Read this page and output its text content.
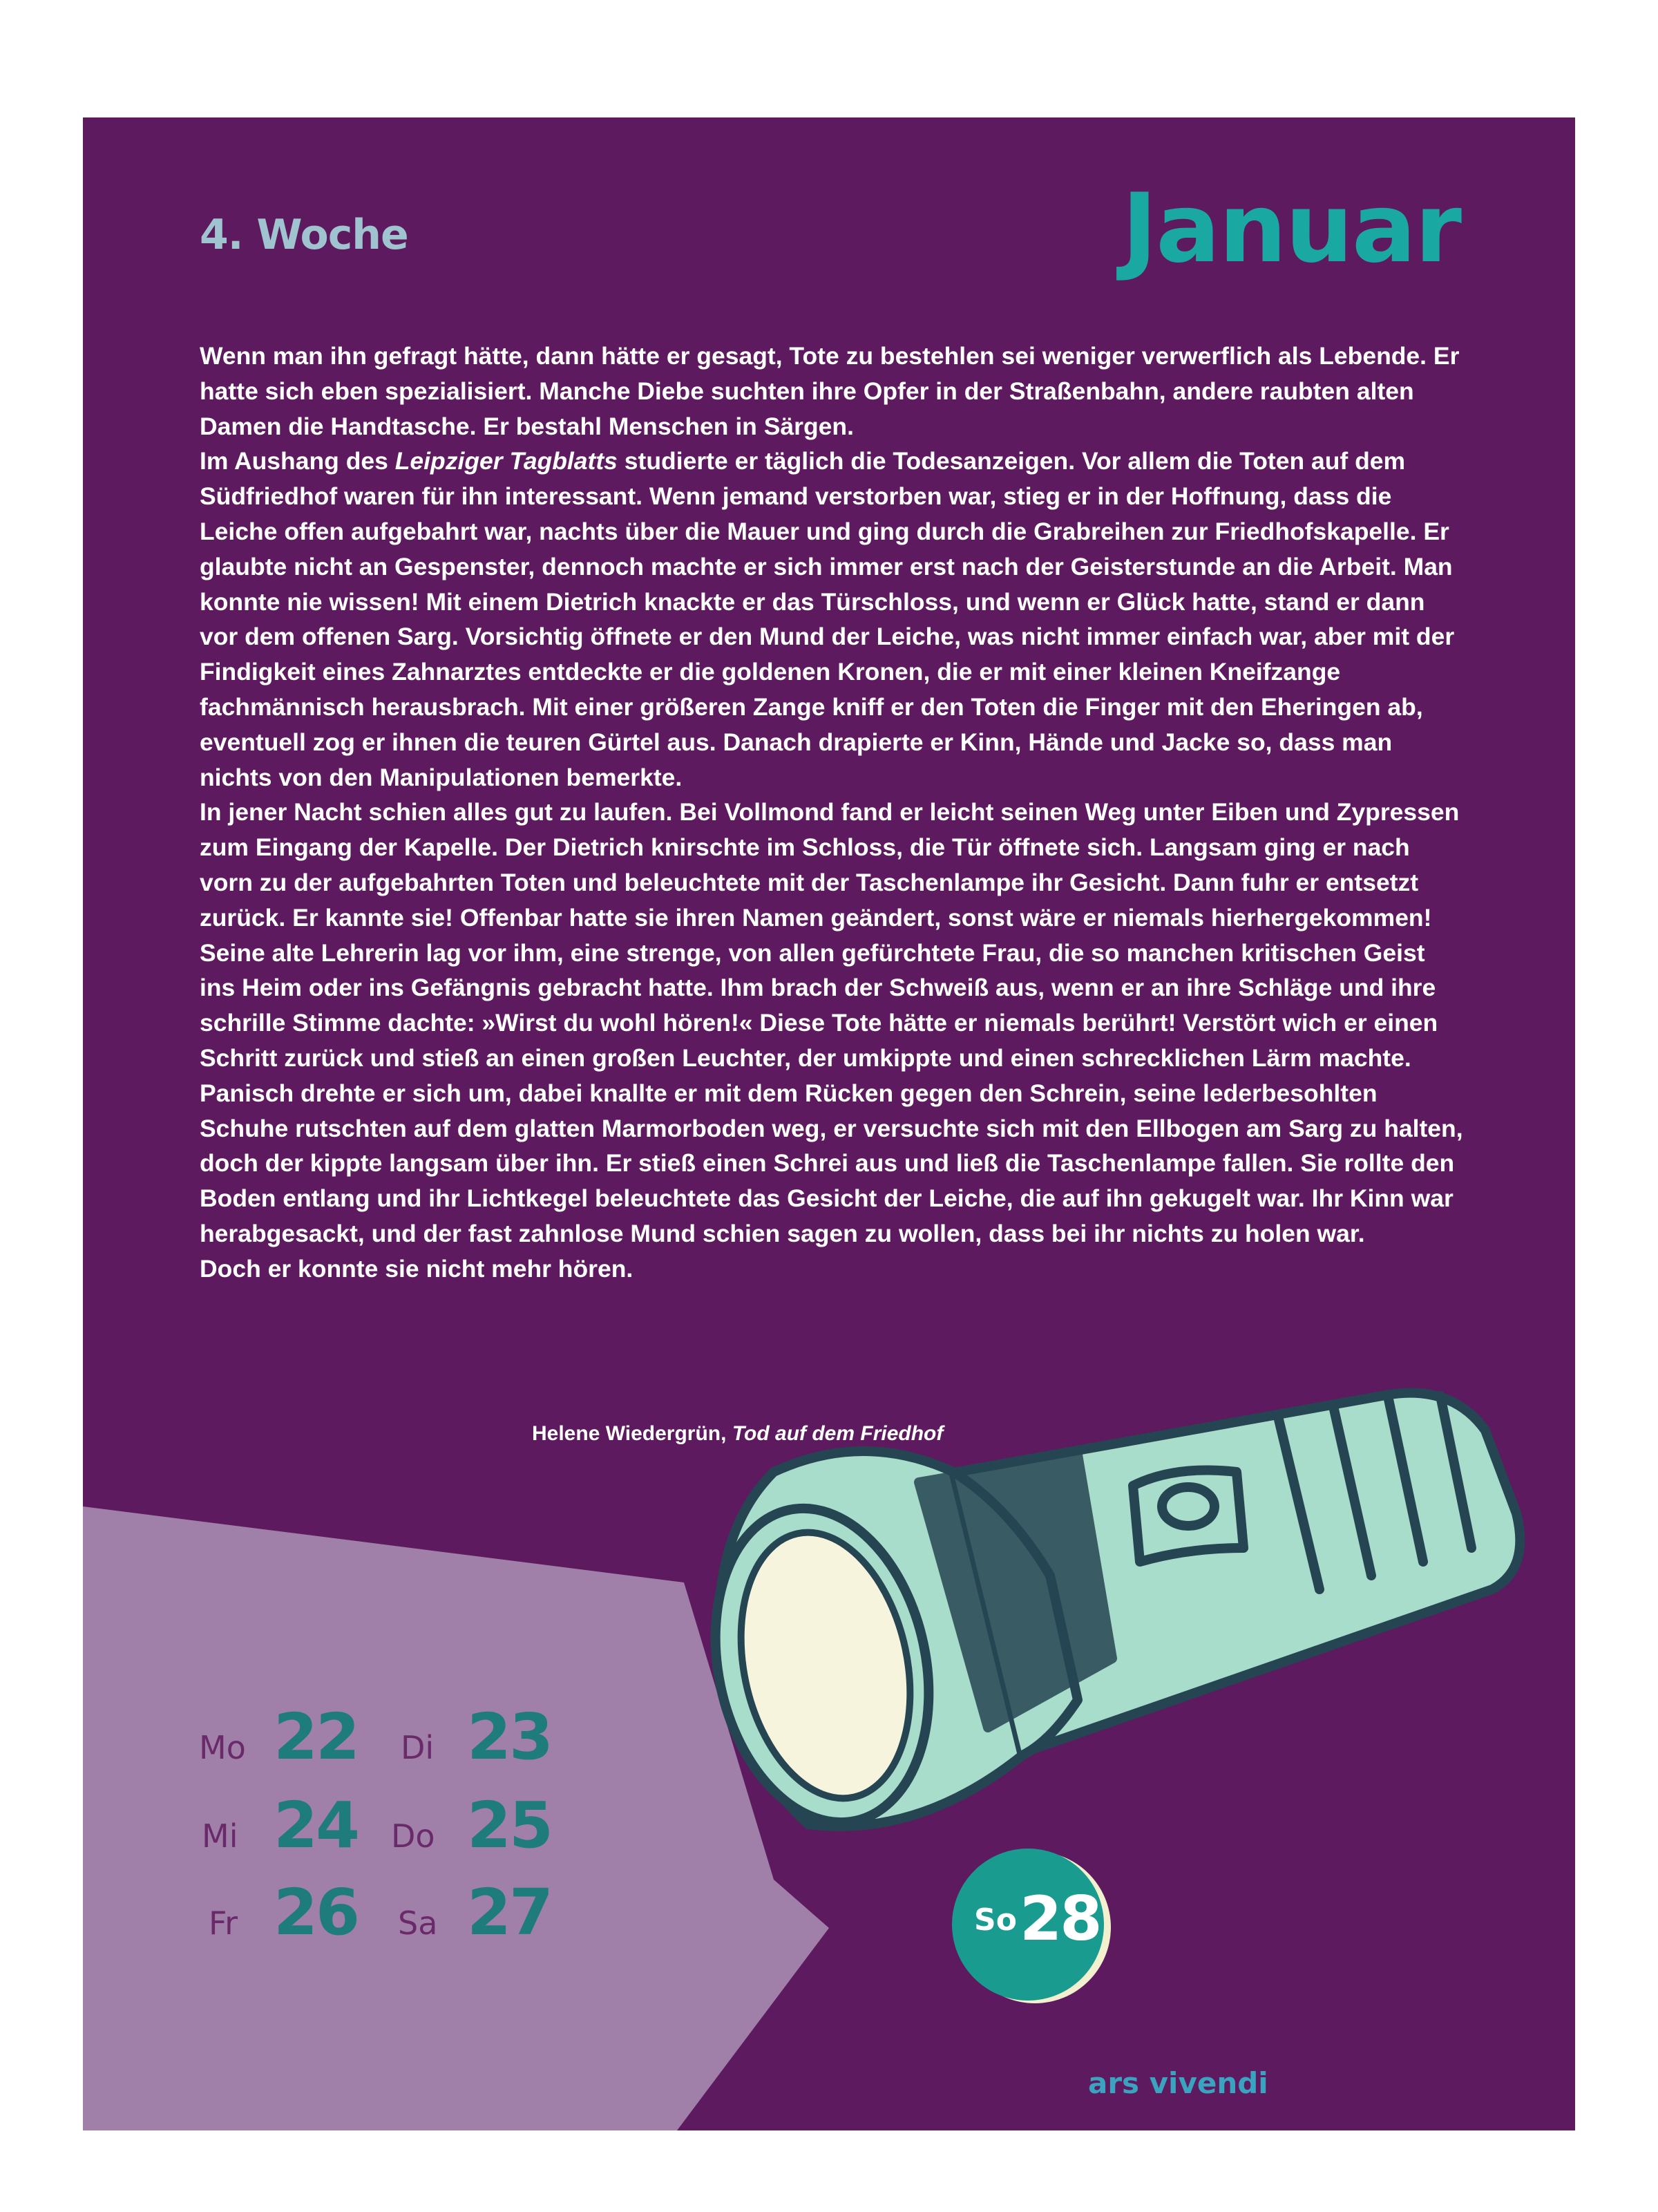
4. Woche	Januar

Wenn man ihn gefragt hätte, dann hätte er gesagt, Tote zu bestehlen sei weniger verwerflich als Lebende. Er hatte sich eben spezialisiert. Manche Diebe suchten ihre Opfer in der Straßenbahn, andere raubten alten Damen die Handtasche. Er bestahl Menschen in Särgen.

Im Aushang des Leipziger Tagblatts studierte er täglich die Todesanzeigen. Vor allem die Toten auf dem Südfriedhof waren für ihn interessant. Wenn jemand verstorben war, stieg er in der Hoffnung, dass die Leiche offen aufgebahrt war, nachts über die Mauer und ging durch die Grabreihen zur Friedhofskapelle. Er glaubte nicht an Gespenster, dennoch machte er sich immer erst nach der Geisterstunde an die Arbeit. Man konnte nie wissen! Mit einem Dietrich knackte er das Türschloss, und wenn er Glück hatte, stand er dann vor dem offenen Sarg. Vorsichtig öffnete er den Mund der Leiche, was nicht immer einfach war, aber mit der Findigkeit eines Zahnarztes entdeckte er die goldenen Kronen, die er mit einer kleinen Kneifzange fachmännisch herausbrach. Mit einer größeren Zange kniff er den Toten die Finger mit den Eheringen ab, eventuell zog er ihnen die teuren Gürtel aus. Danach drapierte er Kinn, Hände und Jacke so, dass man nichts von den Manipulationen bemerkte.

In jener Nacht schien alles gut zu laufen. Bei Vollmond fand er leicht seinen Weg unter Eiben und Zypressen zum Eingang der Kapelle. Der Dietrich knirschte im Schloss, die Tür öffnete sich. Langsam ging er nach vorn zu der aufgebahrten Toten und beleuchtete mit der Taschenlampe ihr Gesicht. Dann fuhr er entsetzt zurück. Er kannte sie! Offenbar hatte sie ihren Namen geändert, sonst wäre er niemals hierhergekommen! Seine alte Lehrerin lag vor ihm, eine strenge, von allen gefürchtete Frau, die so manchen kritischen Geist ins Heim oder ins Gefängnis gebracht hatte. Ihm brach der Schweiß aus, wenn er an ihre Schläge und ihre schrille Stimme dachte: »Wirst du wohl hören!« Diese Tote hätte er niemals berührt! Verstört wich er einen Schritt zurück und stieß an einen großen Leuchter, der umkippte und einen schrecklichen Lärm machte. Panisch drehte er sich um, dabei knallte er mit dem Rücken gegen den Schrein, seine lederbesohlten Schuhe rutschten auf dem glatten Marmorboden weg, er versuchte sich mit den Ellbogen am Sarg zu halten, doch der kippte langsam über ihn. Er stieß einen Schrei aus und ließ die Taschenlampe fallen. Sie rollte den Boden entlang und ihr Lichtkegel beleuchtete das Gesicht der Leiche, die auf ihn gekugelt war. Ihr Kinn war herabgesackt, und der fast zahnlose Mund schien sagen zu wollen, dass bei ihr nichts zu holen war.

Doch er konnte sie nicht mehr hören.

Helene Wiedergrün, Tod auf dem Friedhof
Mo 22 Di 23
Mi 24 Do 25
Fr 26 Sa 27	So 28
ars vivendi
